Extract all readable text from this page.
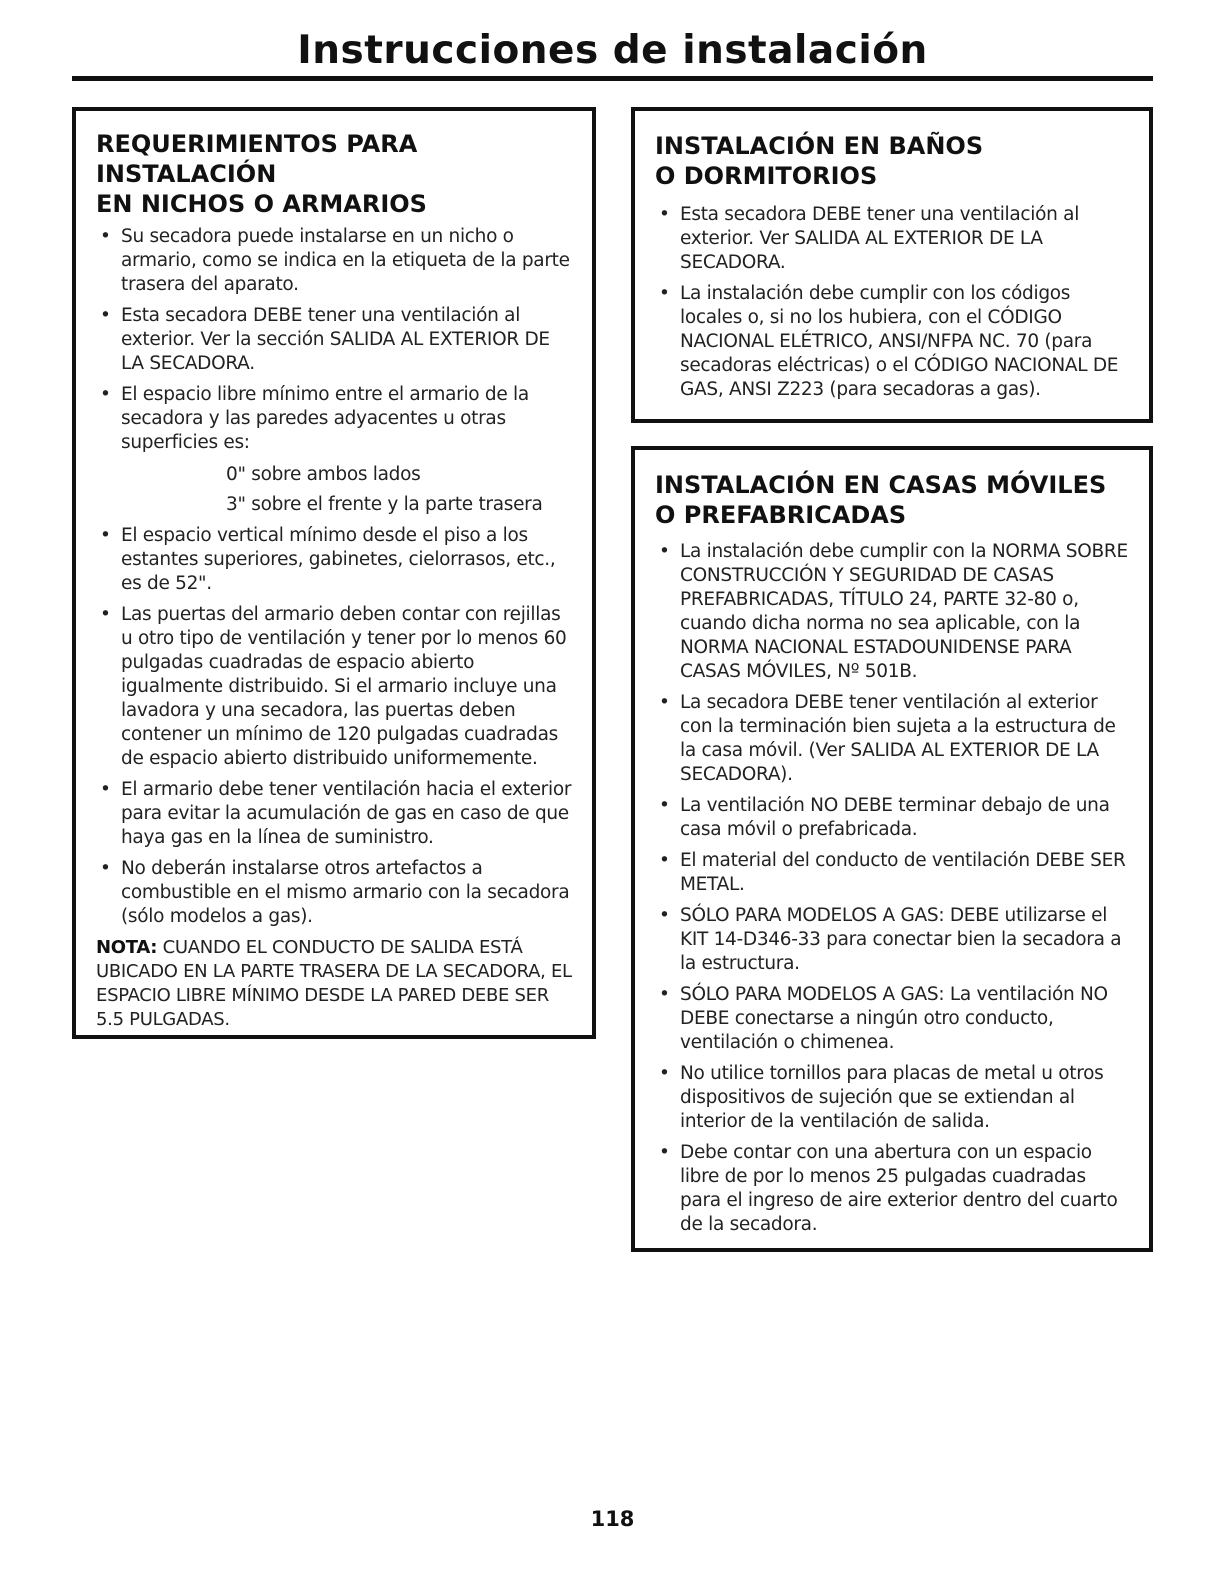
Instrucciones de instalación
REQUERIMIENTOS PARA INSTALACIÓN
EN NICHOS O ARMARIOS
• Su secadora puede instalarse en un nicho o armario, como se indica en la etiqueta de la parte trasera del aparato.
• Esta secadora DEBE tener una ventilación al exterior. Ver la sección SALIDA AL EXTERIOR DE LA SECADORA.
• El espacio libre mínimo entre el armario de la secadora y las paredes adyacentes u otras superficies es:
0" sobre ambos lados
3" sobre el frente y la parte trasera
• El espacio vertical mínimo desde el piso a los estantes superiores, gabinetes, cielorrasos, etc., es de 52".
• Las puertas del armario deben contar con rejillas u otro tipo de ventilación y tener por lo menos 60 pulgadas cuadradas de espacio abierto igualmente distribuido. Si el armario incluye una lavadora y una secadora, las puertas deben contener un mínimo de 120 pulgadas cuadradas de espacio abierto distribuido uniformemente.
• El armario debe tener ventilación hacia el exterior para evitar la acumulación de gas en caso de que haya gas en la línea de suministro.
• No deberán instalarse otros artefactos a combustible en el mismo armario con la secadora (sólo modelos a gas).
NOTA: CUANDO EL CONDUCTO DE SALIDA ESTÁ UBICADO EN LA PARTE TRASERA DE LA SECADORA, EL ESPACIO LIBRE MÍNIMO DESDE LA PARED DEBE SER 5.5 PULGADAS.
INSTALACIÓN EN BAÑOS
O DORMITORIOS
• Esta secadora DEBE tener una ventilación al exterior. Ver SALIDA AL EXTERIOR DE LA SECADORA.
• La instalación debe cumplir con los códigos locales o, si no los hubiera, con el CÓDIGO NACIONAL ELÉTRICO, ANSI/NFPA NC. 70 (para secadoras eléctricas) o el CÓDIGO NACIONAL DE GAS, ANSI Z223 (para secadoras a gas).
INSTALACIÓN EN CASAS MÓVILES
O PREFABRICADAS
• La instalación debe cumplir con la NORMA SOBRE CONSTRUCCIÓN Y SEGURIDAD DE CASAS PREFABRICADAS, TÍTULO 24, PARTE 32-80 o, cuando dicha norma no sea aplicable, con la NORMA NACIONAL ESTADOUNIDENSE PARA CASAS MÓVILES, Nº 501B.
• La secadora DEBE tener ventilación al exterior con la terminación bien sujeta a la estructura de la casa móvil. (Ver SALIDA AL EXTERIOR DE LA SECADORA).
• La ventilación NO DEBE terminar debajo de una casa móvil o prefabricada.
• El material del conducto de ventilación DEBE SER METAL.
• SÓLO PARA MODELOS A GAS: DEBE utilizarse el KIT 14-D346-33 para conectar bien la secadora a la estructura.
• SÓLO PARA MODELOS A GAS: La ventilación NO DEBE conectarse a ningún otro conducto, ventilación o chimenea.
• No utilice tornillos para placas de metal u otros dispositivos de sujeción que se extiendan al interior de la ventilación de salida.
• Debe contar con una abertura con un espacio libre de por lo menos 25 pulgadas cuadradas para el ingreso de aire exterior dentro del cuarto de la secadora.
118
